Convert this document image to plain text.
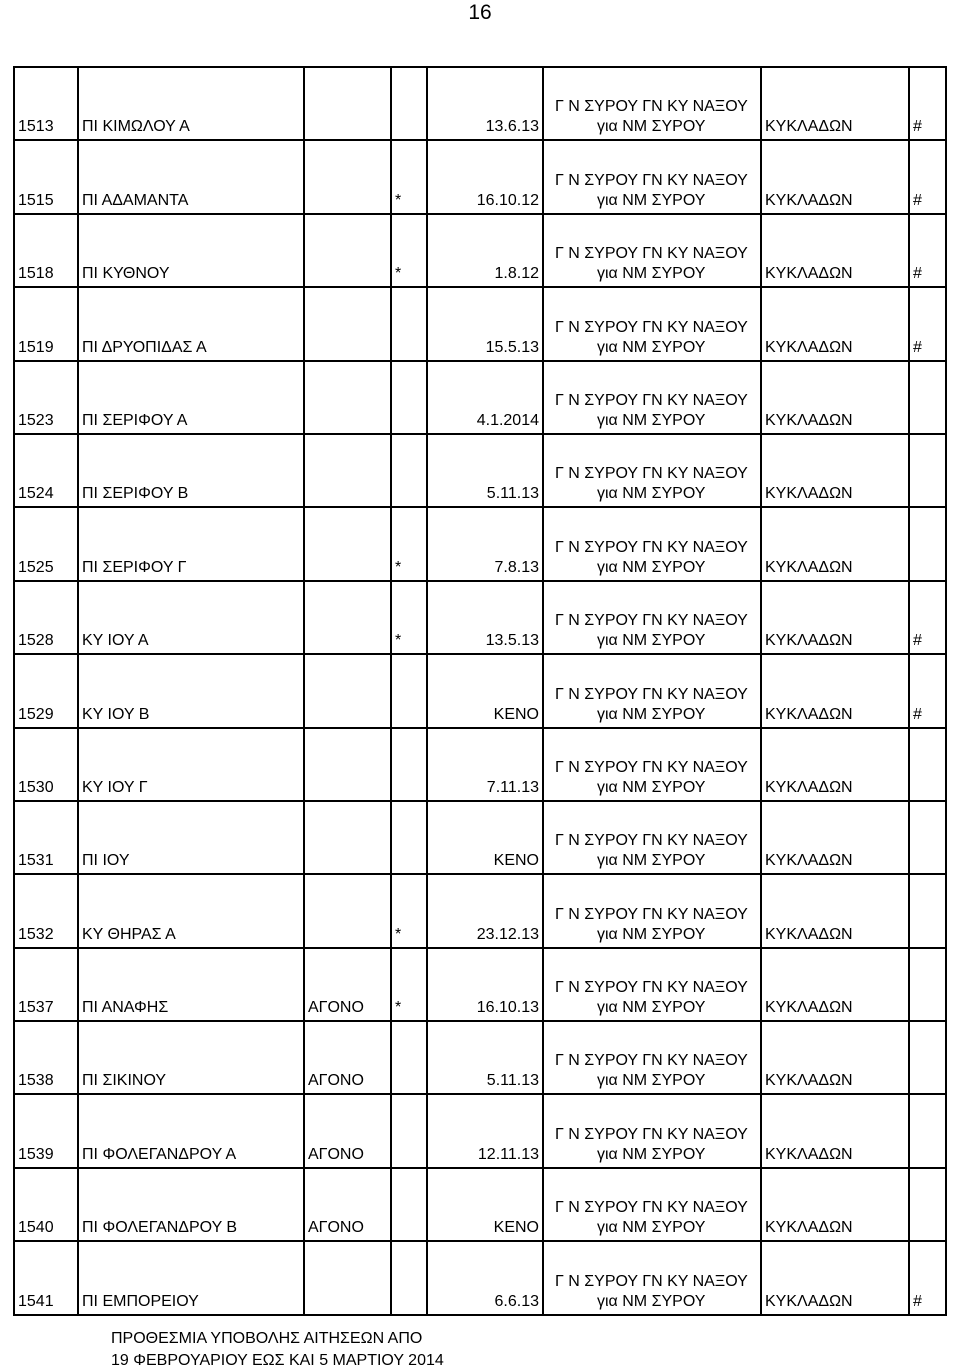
16
1513	ΠΙ ΚΙΜΩΛΟΥ Α			13.6.13	Γ Ν ΣΥΡΟΥ ΓΝ ΚΥ ΝΑΞΟΥ
για ΝΜ ΣΥΡΟΥ	ΚΥΚΛΑΔΩΝ	#
1515	ΠΙ ΑΔΑΜΑΝΤΑ		*	16.10.12	Γ Ν ΣΥΡΟΥ ΓΝ ΚΥ ΝΑΞΟΥ
για ΝΜ ΣΥΡΟΥ	ΚΥΚΛΑΔΩΝ	#
1518	ΠΙ ΚΥΘΝΟΥ		*	1.8.12	Γ Ν ΣΥΡΟΥ ΓΝ ΚΥ ΝΑΞΟΥ
για ΝΜ ΣΥΡΟΥ	ΚΥΚΛΑΔΩΝ	#
1519	ΠΙ ΔΡΥΟΠΙΔΑΣ Α			15.5.13	Γ Ν ΣΥΡΟΥ ΓΝ ΚΥ ΝΑΞΟΥ
για ΝΜ ΣΥΡΟΥ	ΚΥΚΛΑΔΩΝ	#
1523	ΠΙ ΣΕΡΙΦΟΥ Α			4.1.2014	Γ Ν ΣΥΡΟΥ ΓΝ ΚΥ ΝΑΞΟΥ
για ΝΜ ΣΥΡΟΥ	ΚΥΚΛΑΔΩΝ	
1524	ΠΙ ΣΕΡΙΦΟΥ Β			5.11.13	Γ Ν ΣΥΡΟΥ ΓΝ ΚΥ ΝΑΞΟΥ
για ΝΜ ΣΥΡΟΥ	ΚΥΚΛΑΔΩΝ	
1525	ΠΙ ΣΕΡΙΦΟΥ Γ		*	7.8.13	Γ Ν ΣΥΡΟΥ ΓΝ ΚΥ ΝΑΞΟΥ
για ΝΜ ΣΥΡΟΥ	ΚΥΚΛΑΔΩΝ	
1528	ΚΥ ΙΟΥ Α		*	13.5.13	Γ Ν ΣΥΡΟΥ ΓΝ ΚΥ ΝΑΞΟΥ
για ΝΜ ΣΥΡΟΥ	ΚΥΚΛΑΔΩΝ	#
1529	ΚΥ ΙΟΥ Β			ΚΕΝΟ	Γ Ν ΣΥΡΟΥ ΓΝ ΚΥ ΝΑΞΟΥ
για ΝΜ ΣΥΡΟΥ	ΚΥΚΛΑΔΩΝ	#
1530	ΚΥ ΙΟΥ Γ			7.11.13	Γ Ν ΣΥΡΟΥ ΓΝ ΚΥ ΝΑΞΟΥ
για ΝΜ ΣΥΡΟΥ	ΚΥΚΛΑΔΩΝ	
1531	ΠΙ ΙΟΥ			ΚΕΝΟ	Γ Ν ΣΥΡΟΥ ΓΝ ΚΥ ΝΑΞΟΥ
για ΝΜ ΣΥΡΟΥ	ΚΥΚΛΑΔΩΝ	
1532	ΚΥ ΘΗΡΑΣ Α		*	23.12.13	Γ Ν ΣΥΡΟΥ ΓΝ ΚΥ ΝΑΞΟΥ
για ΝΜ ΣΥΡΟΥ	ΚΥΚΛΑΔΩΝ	
1537	ΠΙ ΑΝΑΦΗΣ	ΑΓΟΝΟ	*	16.10.13	Γ Ν ΣΥΡΟΥ ΓΝ ΚΥ ΝΑΞΟΥ
για ΝΜ ΣΥΡΟΥ	ΚΥΚΛΑΔΩΝ	
1538	ΠΙ ΣΙΚΙΝΟΥ	ΑΓΟΝΟ		5.11.13	Γ Ν ΣΥΡΟΥ ΓΝ ΚΥ ΝΑΞΟΥ
για ΝΜ ΣΥΡΟΥ	ΚΥΚΛΑΔΩΝ	
1539	ΠΙ ΦΟΛΕΓΑΝΔΡΟΥ Α	ΑΓΟΝΟ		12.11.13	Γ Ν ΣΥΡΟΥ ΓΝ ΚΥ ΝΑΞΟΥ
για ΝΜ ΣΥΡΟΥ	ΚΥΚΛΑΔΩΝ	
1540	ΠΙ ΦΟΛΕΓΑΝΔΡΟΥ Β	ΑΓΟΝΟ		ΚΕΝΟ	Γ Ν ΣΥΡΟΥ ΓΝ ΚΥ ΝΑΞΟΥ
για ΝΜ ΣΥΡΟΥ	ΚΥΚΛΑΔΩΝ	
1541	ΠΙ ΕΜΠΟΡΕΙΟΥ			6.6.13	Γ Ν ΣΥΡΟΥ ΓΝ ΚΥ ΝΑΞΟΥ
για ΝΜ ΣΥΡΟΥ	ΚΥΚΛΑΔΩΝ	#
ΠΡΟΘΕΣΜΙΑ ΥΠΟΒΟΛΗΣ ΑΙΤΗΣΕΩΝ ΑΠΟ
19 ΦΕΒΡΟΥΑΡΙΟΥ ΕΩΣ ΚΑΙ 5 ΜΑΡΤΙΟΥ 2014
